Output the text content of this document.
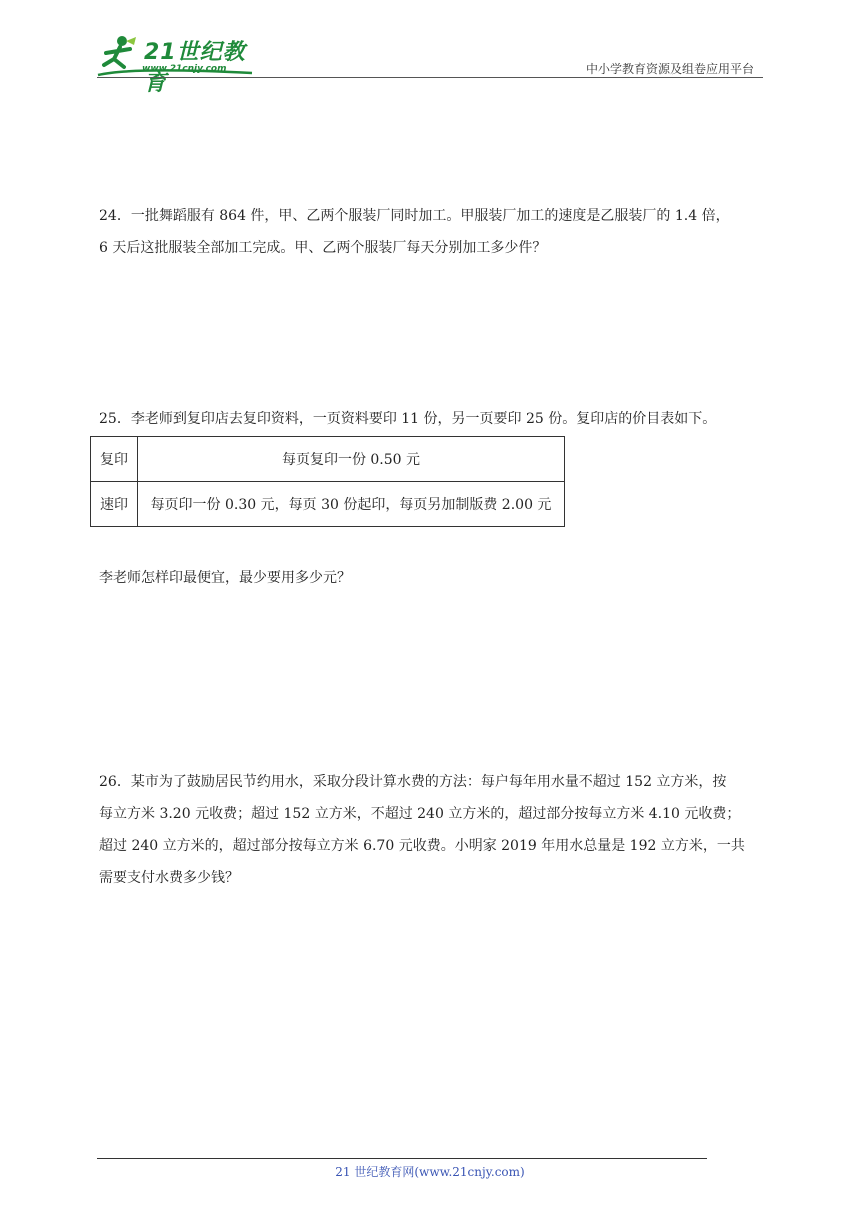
21世纪教育
www.21cnjy.com	中小学教育资源及组卷应用平台

24．一批舞蹈服有 864 件，甲、乙两个服装厂同时加工。甲服装厂加工的速度是乙服装厂的 1.4 倍，

6 天后这批服装全部加工完成。甲、乙两个服装厂每天分别加工多少件？

25．李老师到复印店去复印资料，一页资料要印 11 份，另一页要印 25 份。复印店的价目表如下。

复印	每页复印一份 0.50 元
速印	每页印一份 0.30 元，每页 30 份起印，每页另加制版费 2.00 元

李老师怎样印最便宜，最少要用多少元？

26．某市为了鼓励居民节约用水，采取分段计算水费的方法：每户每年用水量不超过 152 立方米，按

每立方米 3.20 元收费；超过 152 立方米，不超过 240 立方米的，超过部分按每立方米 4.10 元收费；

超过 240 立方米的，超过部分按每立方米 6.70 元收费。小明家 2019 年用水总量是 192 立方米，一共

需要支付水费多少钱？

21 世纪教育网(www.21cnjy.com)
